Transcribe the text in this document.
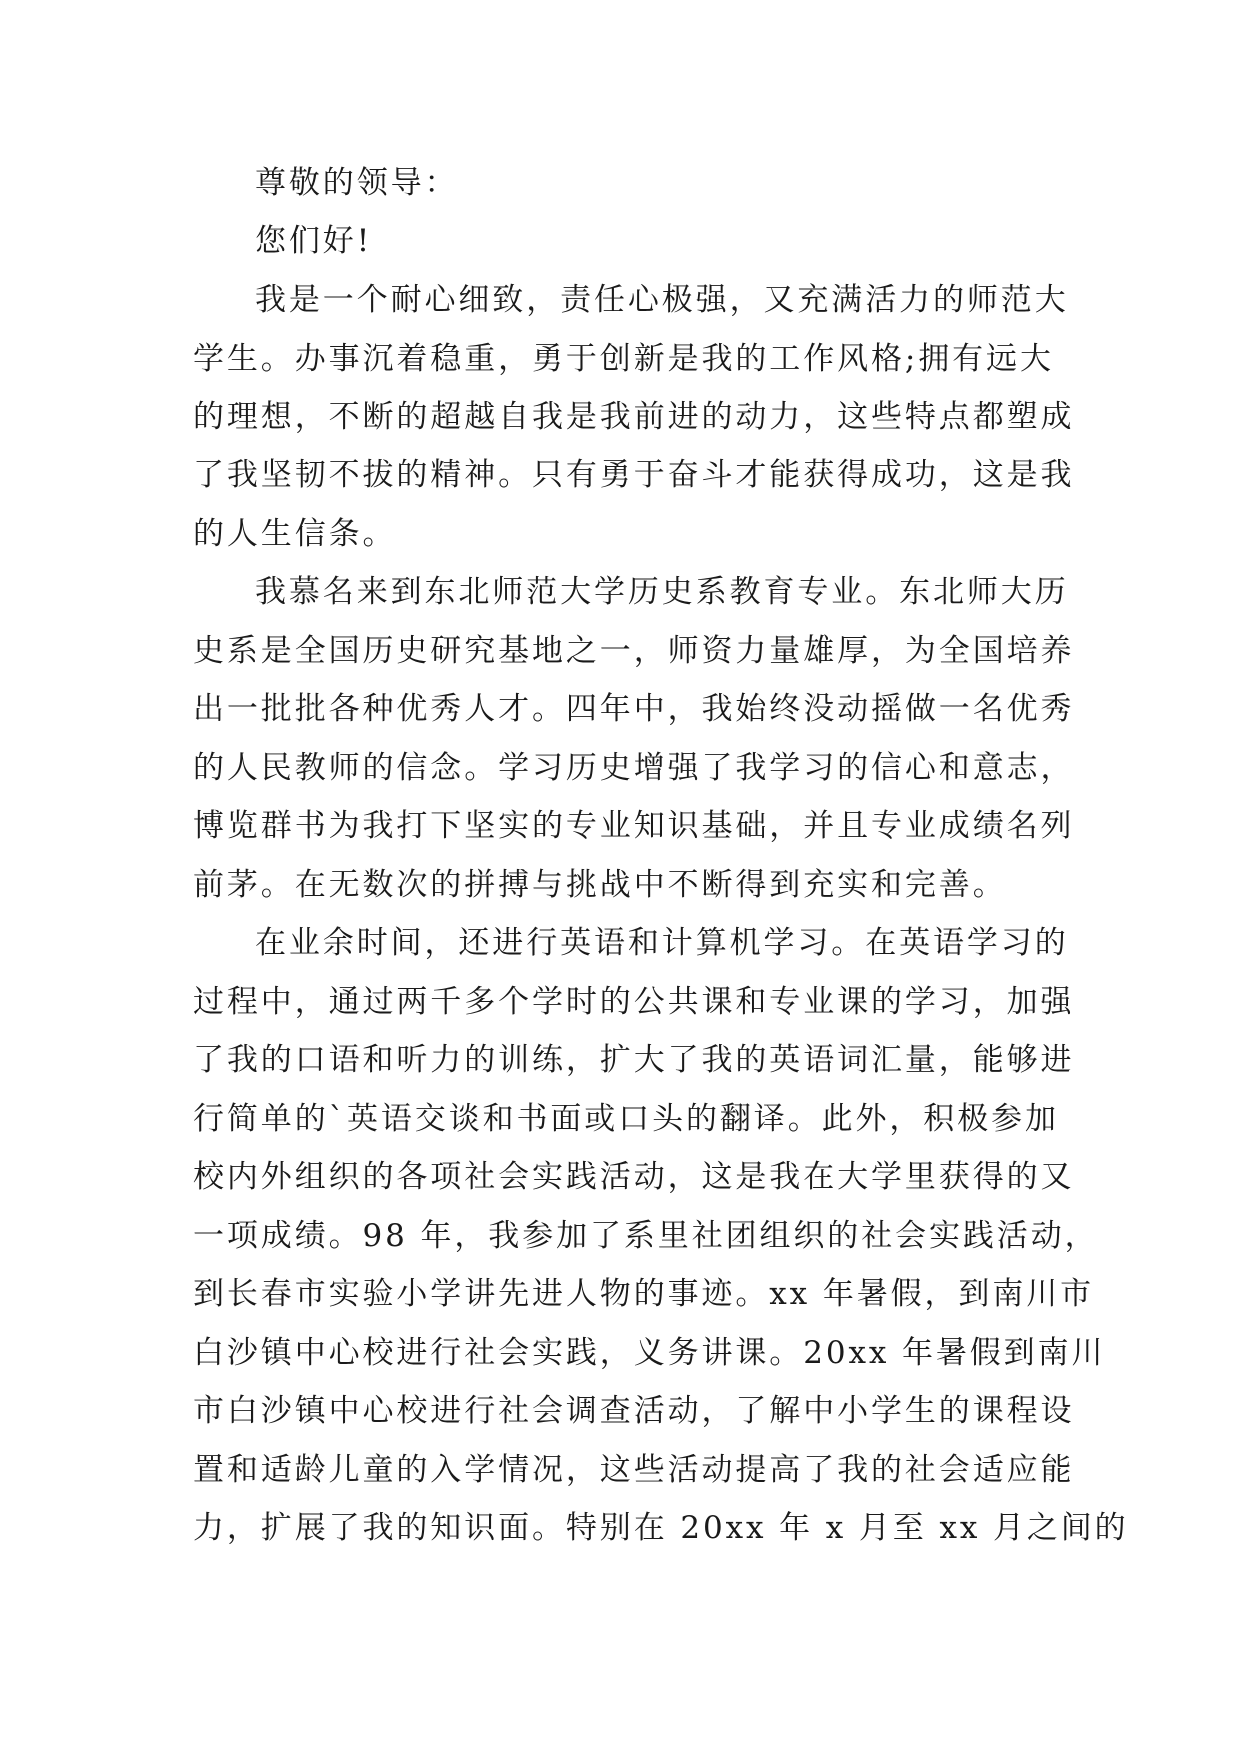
尊敬的领导：
您们好!
我是一个耐心细致，责任心极强，又充满活力的师范大
学生。办事沉着稳重，勇于创新是我的工作风格;拥有远大
的理想，不断的超越自我是我前进的动力，这些特点都塑成
了我坚韧不拔的精神。只有勇于奋斗才能获得成功，这是我
的人生信条。
我慕名来到东北师范大学历史系教育专业。东北师大历
史系是全国历史研究基地之一，师资力量雄厚，为全国培养
出一批批各种优秀人才。四年中，我始终没动摇做一名优秀
的人民教师的信念。学习历史增强了我学习的信心和意志，
博览群书为我打下坚实的专业知识基础，并且专业成绩名列
前茅。在无数次的拼搏与挑战中不断得到充实和完善。
在业余时间，还进行英语和计算机学习。在英语学习的
过程中，通过两千多个学时的公共课和专业课的学习，加强
了我的口语和听力的训练，扩大了我的英语词汇量，能够进
行简单的`英语交谈和书面或口头的翻译。此外，积极参加
校内外组织的各项社会实践活动，这是我在大学里获得的又
一项成绩。98 年，我参加了系里社团组织的社会实践活动，
到长春市实验小学讲先进人物的事迹。xx 年暑假，到南川市
白沙镇中心校进行社会实践，义务讲课。20xx 年暑假到南川
市白沙镇中心校进行社会调查活动，了解中小学生的课程设
置和适龄儿童的入学情况，这些活动提高了我的社会适应能
力，扩展了我的知识面。特别在 20xx 年 x 月至 xx 月之间的
